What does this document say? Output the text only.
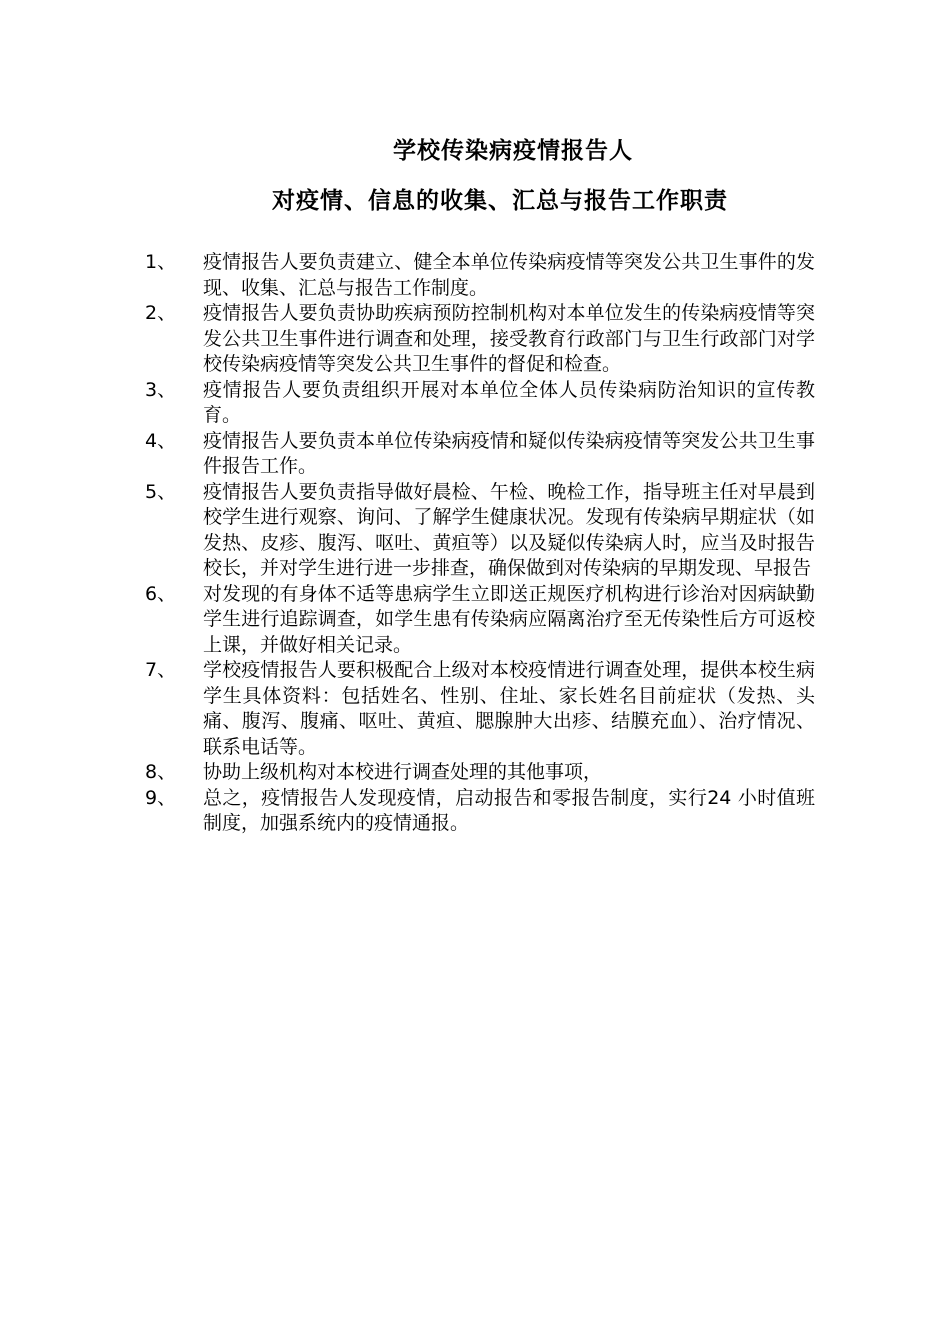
学校传染病疫情报告人
对疫情、信息的收集、汇总与报告工作职责
1、	疫情报告人要负责建立、健全本单位传染病疫情等突发公共卫生事件的发现、收集、汇总与报告工作制度。
2、	疫情报告人要负责协助疾病预防控制机构对本单位发生的传染病疫情等突发公共卫生事件进行调查和处理，接受教育行政部门与卫生行政部门对学校传染病疫情等突发公共卫生事件的督促和检查。
3、	疫情报告人要负责组织开展对本单位全体人员传染病防治知识的宣传教育。
4、	疫情报告人要负责本单位传染病疫情和疑似传染病疫情等突发公共卫生事件报告工作。
5、	疫情报告人要负责指导做好晨检、午检、晚检工作，指导班主任对早晨到校学生进行观察、询问、了解学生健康状况。发现有传染病早期症状（如发热、皮疹、腹泻、呕吐、黄疸等）以及疑似传染病人时，应当及时报告校长，并对学生进行进一步排查，确保做到对传染病的早期发现、早报告
6、	对发现的有身体不适等患病学生立即送正规医疗机构进行诊治对因病缺勤学生进行追踪调查，如学生患有传染病应隔离治疗至无传染性后方可返校上课，并做好相关记录。
7、	学校疫情报告人要积极配合上级对本校疫情进行调查处理，提供本校生病学生具体资料：包括姓名、性别、住址、家长姓名目前症状（发热、头痛、腹泻、腹痛、呕吐、黄疸、腮腺肿大出疹、结膜充血）、治疗情况、联系电话等。
8、	协助上级机构对本校进行调查处理的其他事项，
9、	总之，疫情报告人发现疫情，启动报告和零报告制度，实行24 小时值班制度，加强系统内的疫情通报。
